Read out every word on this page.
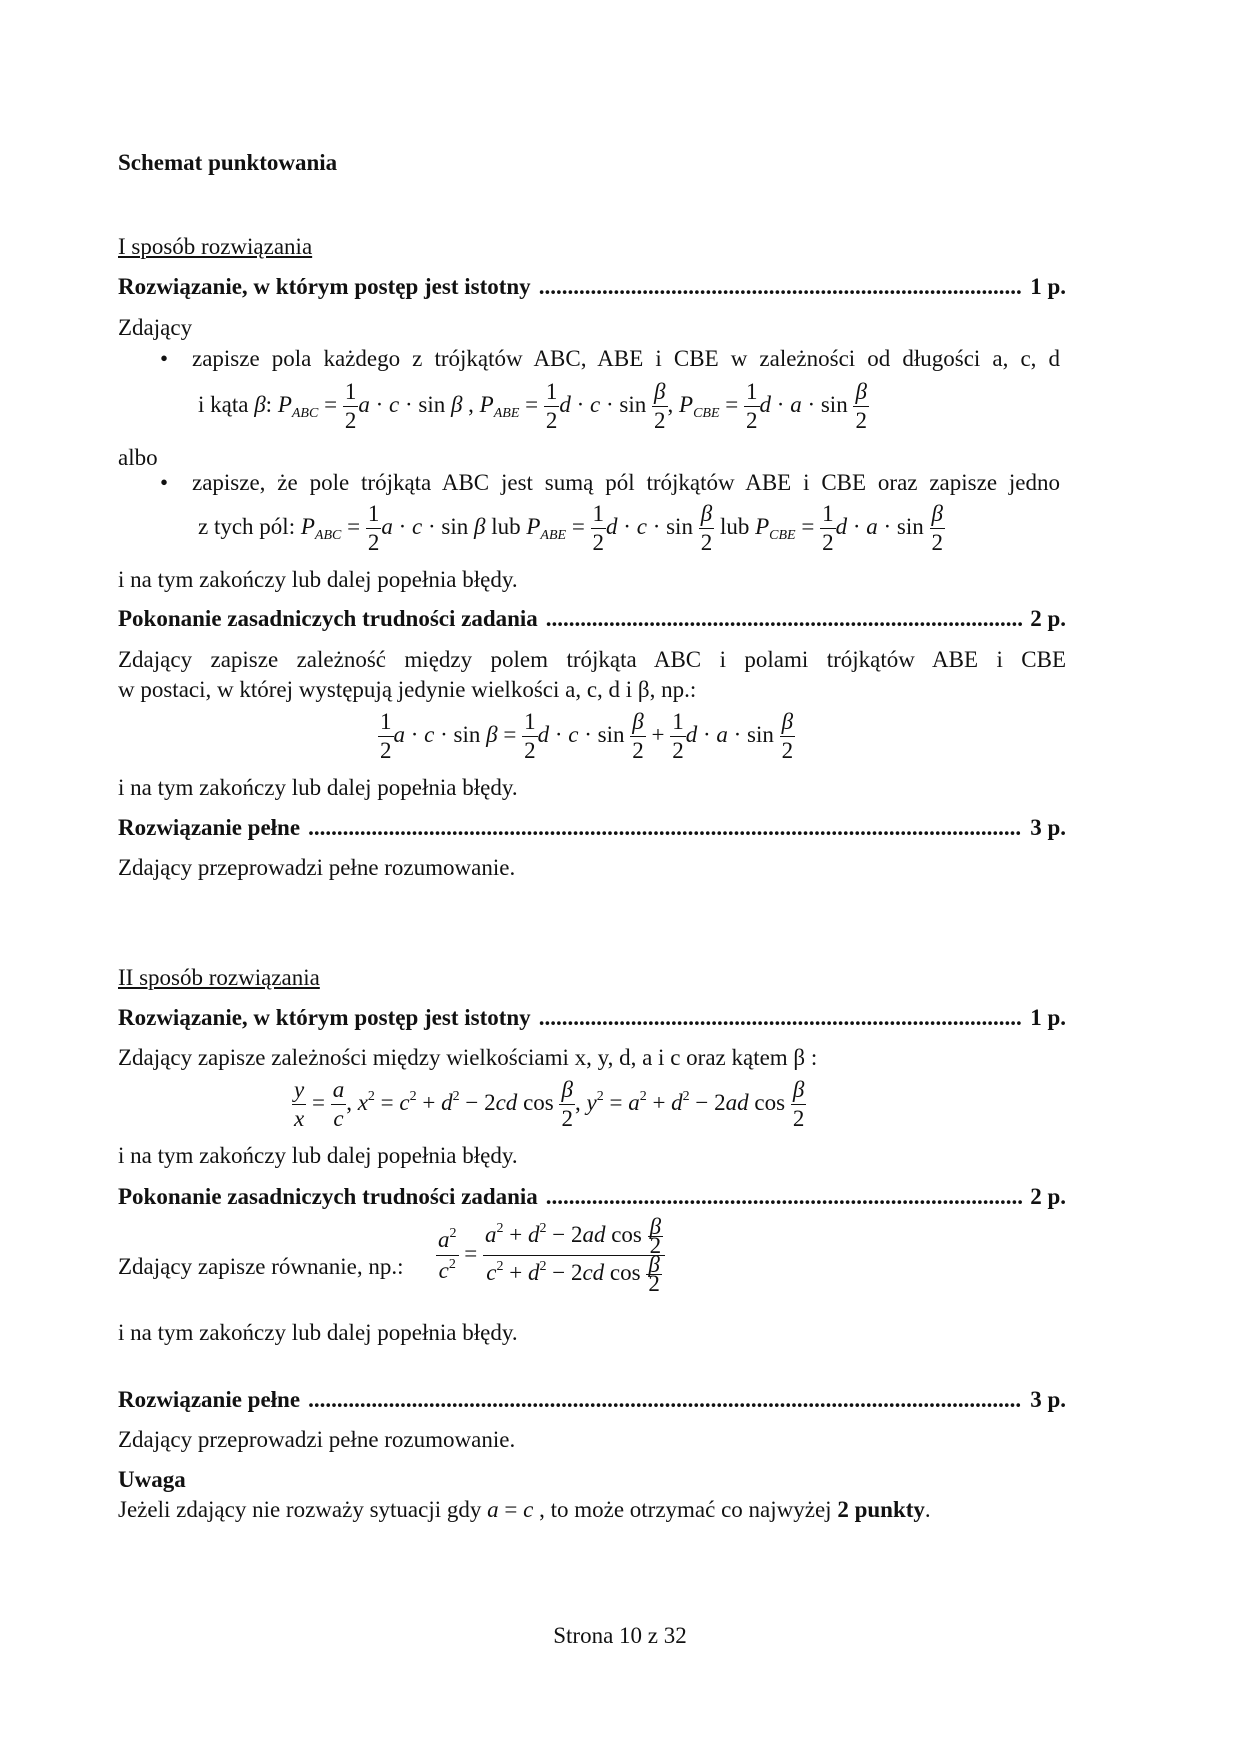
Schemat punktowania
I sposób rozwiązania
Rozwiązanie, w którym postęp jest istotny .....	1 p.
Zdający
• zapisze pola każdego z trójkątów ABC, ABE i CBE w zależności od długości a, c, d
i kąta β: $P_{ABC} = \frac{1}{2}$ a · c · sin β , $P_{ABE} = \frac{1}{2}$ $d \cdot c \cdot \sin \frac{\beta}{2}$ , $P_{CBE} = \frac{1}{2}$ $d \cdot a \cdot \sin \frac{\beta}{2}$
albo
• zapisze, że pole trójkąta ABC jest sumą pól trójkątów ABE i CBE oraz zapisze jedno
z tych pól: $P_{ABC} = \frac{1}{2}$ a · c · sin β lub $P_{ABE} = \frac{1}{2}$ $d \cdot c \cdot \sin \frac{\beta}{2}$ lub $P_{CBE} = \frac{1}{2}$ $d \cdot a \cdot \sin \frac{\beta}{2}$
i na tym zakończy lub dalej popełnia błędy.
Pokonanie zasadniczych trudności zadania .....	2 p.
Zdający zapisze zależność między polem trójkąta ABC i polami trójkątów ABE i CBE
w postaci, w której występują jedynie wielkości a, c, d i β, np.:
$\frac{1}{2}$ $a \cdot c \cdot \sin \beta = \frac{1}{2}$ $d \cdot c \cdot \sin \frac{\beta}{2} + \frac{1}{2}$ $d \cdot a \cdot \sin \frac{\beta}{2}$
i na tym zakończy lub dalej popełnia błędy.
Rozwiązanie pełne .....	3 p.
Zdający przeprowadzi pełne rozumowanie.
II sposób rozwiązania
Rozwiązanie, w którym postęp jest istotny .....	1 p.
Zdający zapisze zależności między wielkościami x, y, d, a i c oraz kątem β :
$\frac{y}{x} = \frac{a}{c}$ , $x^2 = c^2 + d^2 - 2cd$ $\cos \frac{\beta}{2}$ , $y^2 = a^2 + d^2 - 2ad$ $\cos \frac{\beta}{2}$
i na tym zakończy lub dalej popełnia błędy.
Pokonanie zasadniczych trudności zadania .....	2 p.
Zdający zapisze równanie, np.:	$\frac{a^2}{c^2} = \frac{a^2 + d^2 - 2ad \cos \frac{\beta}{2}}{c^2 + d^2 - 2cd \cos \frac{\beta}{2}}$
i na tym zakończy lub dalej popełnia błędy.
Rozwiązanie pełne .....	3 p.
Zdający przeprowadzi pełne rozumowanie.
Uwaga
Jeżeli zdający nie rozważy sytuacji gdy a = c , to może otrzymać co najwyżej 2 punkty.
Strona 10 z 32
